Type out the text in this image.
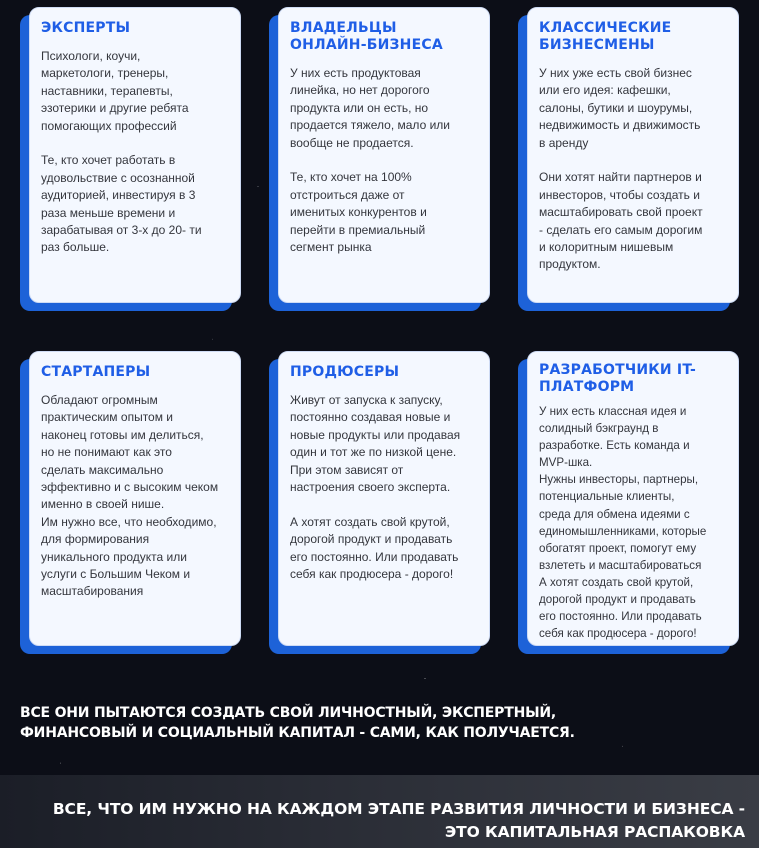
ЭКСПЕРТЫ
Психологи, коучи,
маркетологи, тренеры,
наставники, терапевты,
эзотерики и другие ребята
помогающих профессий

Те, кто хочет работать в
удовольствие с осознанной
аудиторией, инвестируя в 3
раза меньше времени и
зарабатывая от 3-х до 20- ти
раз больше.
ВЛАДЕЛЬЦЫ
ОНЛАЙН-БИЗНЕСА
У них есть продуктовая
линейка, но нет дорогого
продукта или он есть, но
продается тяжело, мало или
вообще не продается.

Те, кто хочет на 100%
отстроиться даже от
именитых конкурентов и
перейти в премиальный
сегмент рынка
КЛАССИЧЕСКИЕ
БИЗНЕСМЕНЫ
У них уже есть свой бизнес
или его идея: кафешки,
салоны, бутики и шоурумы,
недвижимость и движимость
в аренду

Они хотят найти партнеров и
инвесторов, чтобы создать и
масштабировать свой проект
- сделать его самым дорогим
и колоритным нишевым
продуктом.
СТАРТАПЕРЫ
Обладают огромным
практическим опытом и
наконец готовы им делиться,
но не понимают как это
сделать максимально
эффективно и с высоким чеком
именно в своей нише.
Им нужно все, что необходимо,
для формирования
уникального продукта или
услуги с Большим Чеком и
масштабирования
ПРОДЮСЕРЫ
Живут от запуска к запуску,
постоянно создавая новые и
новые продукты или продавая
один и тот же по низкой цене.
При этом зависят от
настроения своего эксперта.

А хотят создать свой крутой,
дорогой продукт и продавать
его постоянно. Или продавать
себя как продюсера - дорого!
РАЗРАБОТЧИКИ IT-
ПЛАТФОРМ
У них есть классная идея и
солидный бэкграунд в
разработке. Есть команда и
MVP-шка.
Нужны инвесторы, партнеры,
потенциальные клиенты,
среда для обмена идеями с
единомышленниками, которые
обогатят проект, помогут ему
взлететь и масштабироваться
А хотят создать свой крутой,
дорогой продукт и продавать
его постоянно. Или продавать
себя как продюсера - дорого!
ВСЕ ОНИ ПЫТАЮТСЯ СОЗДАТЬ СВОЙ ЛИЧНОСТНЫЙ, ЭКСПЕРТНЫЙ, ФИНАНСОВЫЙ И СОЦИАЛЬНЫЙ КАПИТАЛ - САМИ, КАК ПОЛУЧАЕТСЯ.
ВСЕ, ЧТО ИМ НУЖНО НА КАЖДОМ ЭТАПЕ РАЗВИТИЯ ЛИЧНОСТИ И БИЗНЕСА - ЭТО КАПИТАЛЬНАЯ РАСПАКОВКА
